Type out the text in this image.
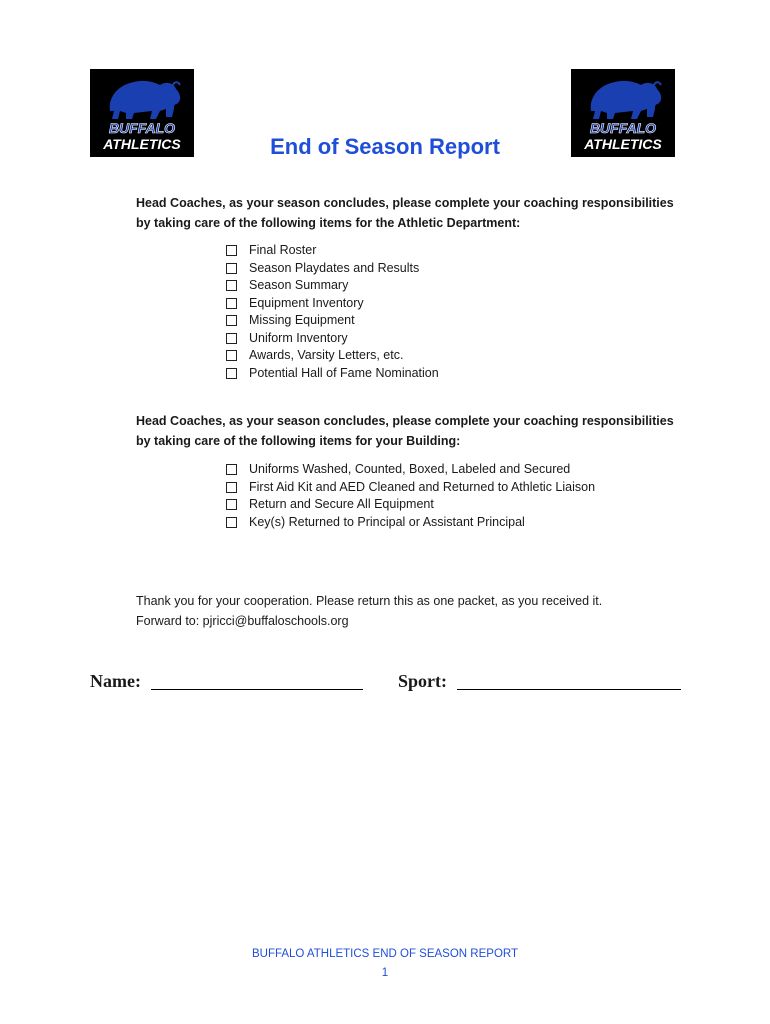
BUFFALO
ATHLETICS
BUFFALO
ATHLETICS
End of Season Report
Head Coaches, as your season concludes, please complete your coaching responsibilities
by taking care of the following items for the Athletic Department:
Final Roster
Season Playdates and Results
Season Summary
Equipment Inventory
Missing Equipment
Uniform Inventory
Awards, Varsity Letters, etc.
Potential Hall of Fame Nomination
Head Coaches, as your season concludes, please complete your coaching responsibilities
by taking care of the following items for your Building:
Uniforms Washed, Counted, Boxed, Labeled and Secured
First Aid Kit and AED Cleaned and Returned to Athletic Liaison
Return and Secure All Equipment
Key(s) Returned to Principal or Assistant Principal
Thank you for your cooperation. Please return this as one packet, as you received it.
Forward to: pjricci@buffaloschools.org
Name:	Sport:
BUFFALO ATHLETICS END OF SEASON REPORT
1
